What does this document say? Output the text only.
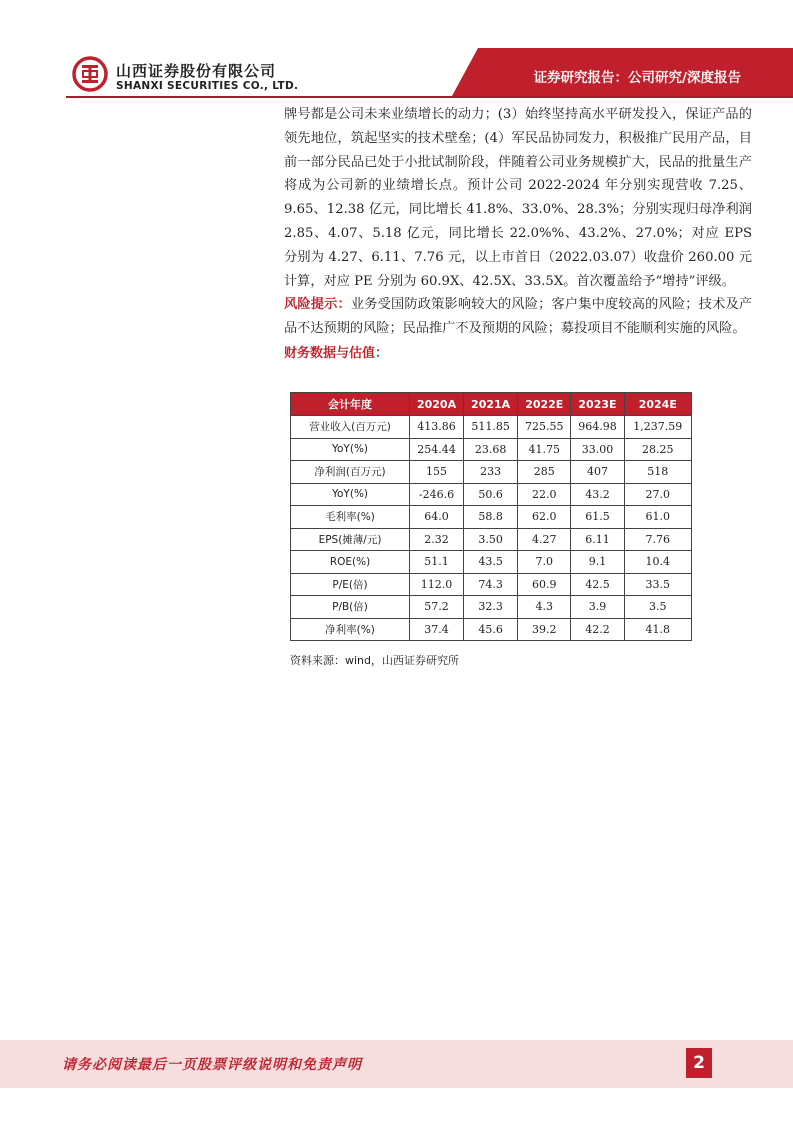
山西证券股份有限公司
SHANXI SECURITIES CO., LTD.	证券研究报告：公司研究/深度报告

牌号都是公司未来业绩增长的动力；(3）始终坚持高水平研发投入，保证产品的领先地位，筑起坚实的技术壁垒；(4）军民品协同发力，积极推广民用产品，目前一部分民品已处于小批试制阶段，伴随着公司业务规模扩大，民品的批量生产将成为公司新的业绩增长点。预计公司 2022-2024 年分别实现营收 7.25、9.65、12.38 亿元，同比增长 41.8%、33.0%、28.3%；分别实现归母净利润 2.85、4.07、5.18 亿元，同比增长 22.0%%、43.2%、27.0%；对应 EPS 分别为 4.27、6.11、7.76 元，以上市首日（2022.03.07）收盘价 260.00 元计算，对应 PE 分别为 60.9X、42.5X、33.5X。首次覆盖给予“增持”评级。

风险提示：业务受国防政策影响较大的风险；客户集中度较高的风险；技术及产品不达预期的风险；民品推广不及预期的风险；募投项目不能顺利实施的风险。

财务数据与估值：
会计年度	2020A	2021A	2022E	2023E	2024E
营业收入(百万元)	413.86	511.85	725.55	964.98	1,237.59
YoY(%)	254.44	23.68	41.75	33.00	28.25
净利润(百万元)	155	233	285	407	518
YoY(%)	-246.6	50.6	22.0	43.2	27.0
毛利率(%)	64.0	58.8	62.0	61.5	61.0
EPS(摊薄/元)	2.32	3.50	4.27	6.11	7.76
ROE(%)	51.1	43.5	7.0	9.1	10.4
P/E(倍)	112.0	74.3	60.9	42.5	33.5
P/B(倍)	57.2	32.3	4.3	3.9	3.5
净利率(%)	37.4	45.6	39.2	42.2	41.8
资料来源：wind，山西证券研究所
请务必阅读最后一页股票评级说明和免责声明	2
